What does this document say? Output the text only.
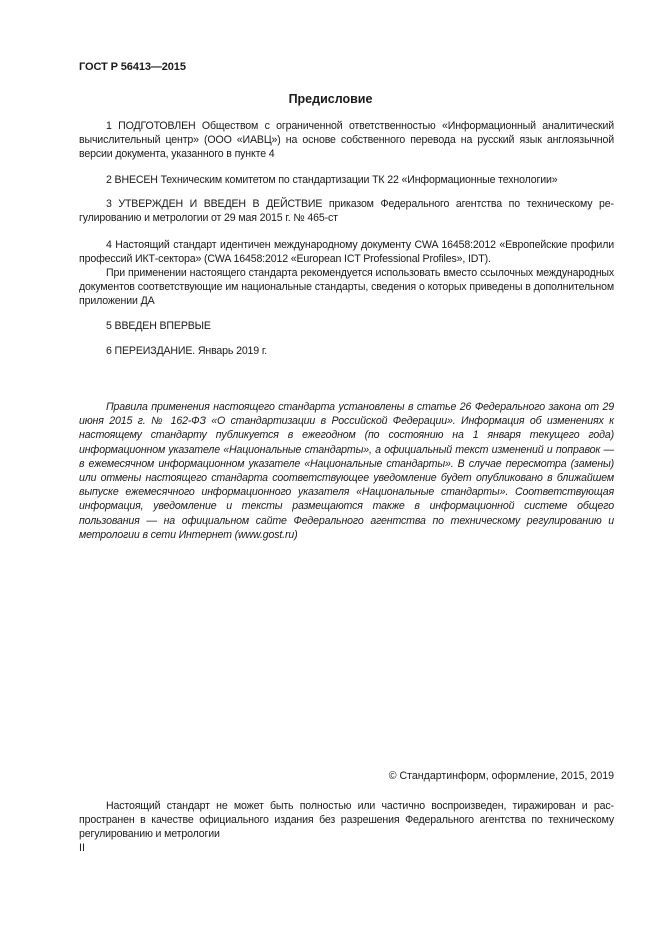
ГОСТ Р 56413—2015
Предисловие
1 ПОДГОТОВЛЕН Обществом с ограниченной ответственностью «Информационный аналитический вычислительный центр» (ООО «ИАВЦ») на основе собственного перевода на русский язык англоязычной версии документа, указанного в пункте 4
2 ВНЕСЕН Техническим комитетом по стандартизации ТК 22 «Информационные технологии»
3 УТВЕРЖДЕН И ВВЕДЕН В ДЕЙСТВИЕ приказом Федерального агентства по техническому регулированию и метрологии от 29 мая 2015 г. № 465-ст
4 Настоящий стандарт идентичен международному документу CWA 16458:2012 «Европейские профили профессий ИКТ-сектора» (CWA 16458:2012 «European ICT Professional Profiles», IDT).
При применении настоящего стандарта рекомендуется использовать вместо ссылочных международных документов соответствующие им национальные стандарты, сведения о которых приведены в дополнительном приложении ДА
5 ВВЕДЕН ВПЕРВЫЕ
6 ПЕРЕИЗДАНИЕ. Январь 2019 г.
Правила применения настоящего стандарта установлены в статье 26 Федерального закона от 29 июня 2015 г. № 162-ФЗ «О стандартизации в Российской Федерации». Информация об изменениях к настоящему стандарту публикуется в ежегодном (по состоянию на 1 января текущего года) информационном указателе «Национальные стандарты», а официальный текст изменений и поправок — в ежемесячном информационном указателе «Национальные стандарты». В случае пересмотра (замены) или отмены настоящего стандарта соответствующее уведомление будет опубликовано в ближайшем выпуске ежемесячного информационного указателя «Национальные стандарты». Соответствующая информация, уведомление и тексты размещаются также в информационной системе общего пользования — на официальном сайте Федерального агентства по техническому регулированию и метрологии в сети Интернет (www.gost.ru)
© Стандартинформ, оформление, 2015, 2019
Настоящий стандарт не может быть полностью или частично воспроизведен, тиражирован и распространен в качестве официального издания без разрешения Федерального агентства по техническому регулированию и метрологии
II
